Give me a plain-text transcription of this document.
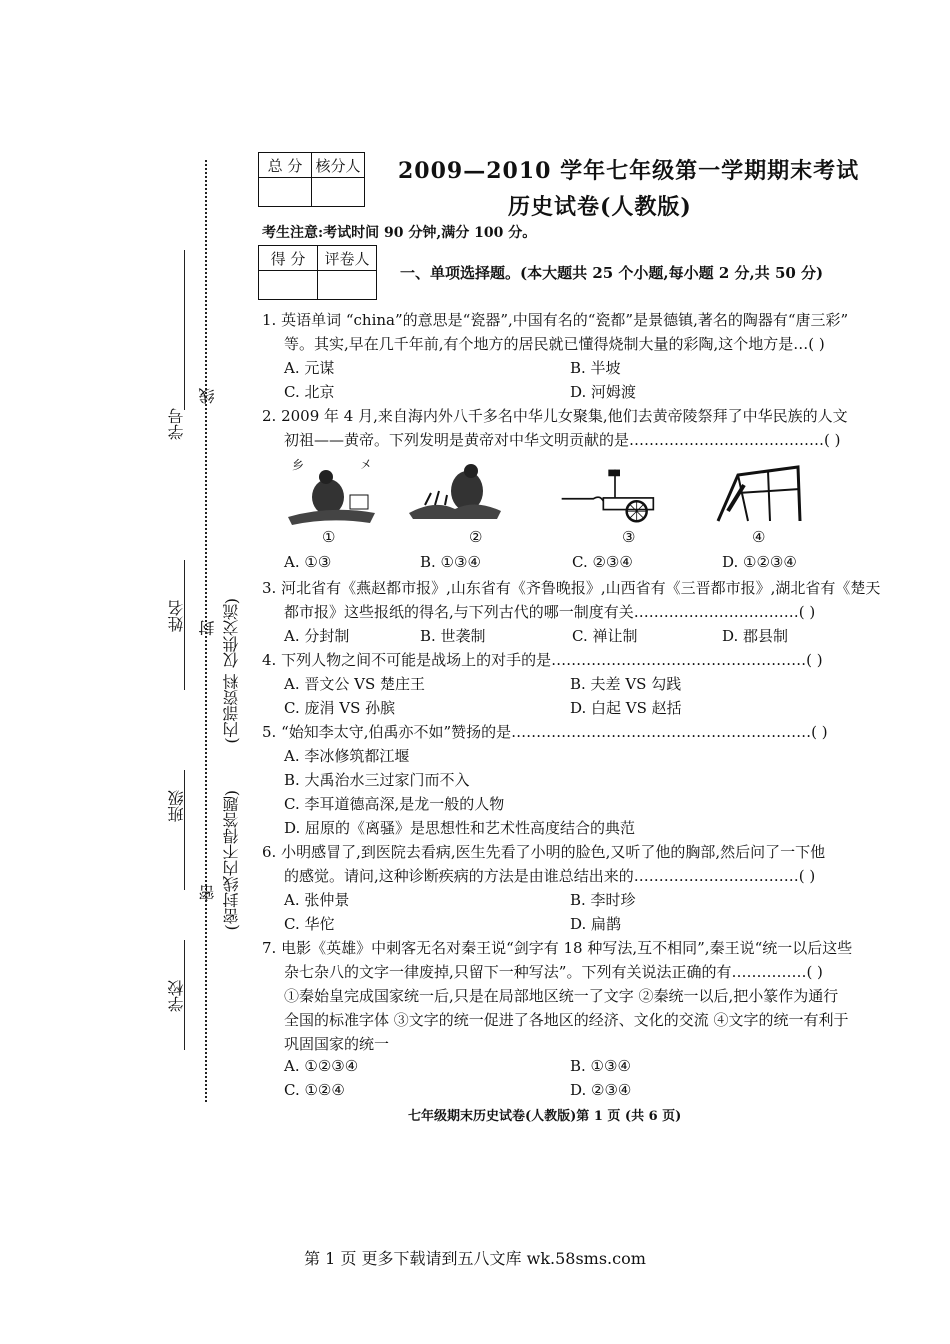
学号
线
姓名 封
班级
密
学校
(内部资料 仅供交流)
(密封线内不得答题)
总 分	核分人
	2009—2010 学年七年级第一学期期末考试
历史试卷(人教版)
考生注意:考试时间 90 分钟,满分 100 分。
得 分	评卷人

一、单项选择题。(本大题共 25 个小题,每小题 2 分,共 50 分)
1. 英语单词 “china”的意思是“瓷器”,中国有名的“瓷都”是景德镇,著名的陶器有“唐三彩”
等。其实,早在几千年前,有个地方的居民就已懂得烧制大量的彩陶,这个地方是…( )
A. 元谋	B. 半坡
C. 北京	D. 河姆渡
2. 2009 年 4 月,来自海内外八千多名中华儿女聚集,他们去黄帝陵祭拜了中华民族的人文
初祖——黄帝。下列发明是黄帝对中华文明贡献的是…………………………………( )
乡	㐅
①	②	③	④
A. ①③	B. ①③④	C. ②③④	D. ①②③④
3. 河北省有《燕赵都市报》,山东省有《齐鲁晚报》,山西省有《三晋都市报》,湖北省有《楚天
都市报》这些报纸的得名,与下列古代的哪一制度有关……………………………( )
A. 分封制	B. 世袭制	C. 禅让制	D. 郡县制
4. 下列人物之间不可能是战场上的对手的是……………………………………………( )
A. 晋文公 VS 楚庄王	B. 夫差 VS 勾践
C. 庞涓 VS 孙膑	D. 白起 VS 赵括
5. “始知李太守,伯禹亦不如”赞扬的是……………………………………………………( )
A. 李冰修筑都江堰
B. 大禹治水三过家门而不入
C. 李耳道德高深,是龙一般的人物
D. 屈原的《离骚》是思想性和艺术性高度结合的典范
6. 小明感冒了,到医院去看病,医生先看了小明的脸色,又听了他的胸部,然后问了一下他
的感觉。请问,这种诊断疾病的方法是由谁总结出来的……………………………( )
A. 张仲景	B. 李时珍
C. 华佗	D. 扁鹊
7. 电影《英雄》中刺客无名对秦王说“剑字有 18 种写法,互不相同”,秦王说“统一以后这些
杂七杂八的文字一律废掉,只留下一种写法”。下列有关说法正确的有……………( )
①秦始皇完成国家统一后,只是在局部地区统一了文字 ②秦统一以后,把小篆作为通行
全国的标准字体 ③文字的统一促进了各地区的经济、文化的交流 ④文字的统一有利于
巩固国家的统一
A. ①②③④	B. ①③④
C. ①②④	D. ②③④
七年级期末历史试卷(人教版)第 1 页 (共 6 页)
第 1 页 更多下载请到五八文库 wk.58sms.com
